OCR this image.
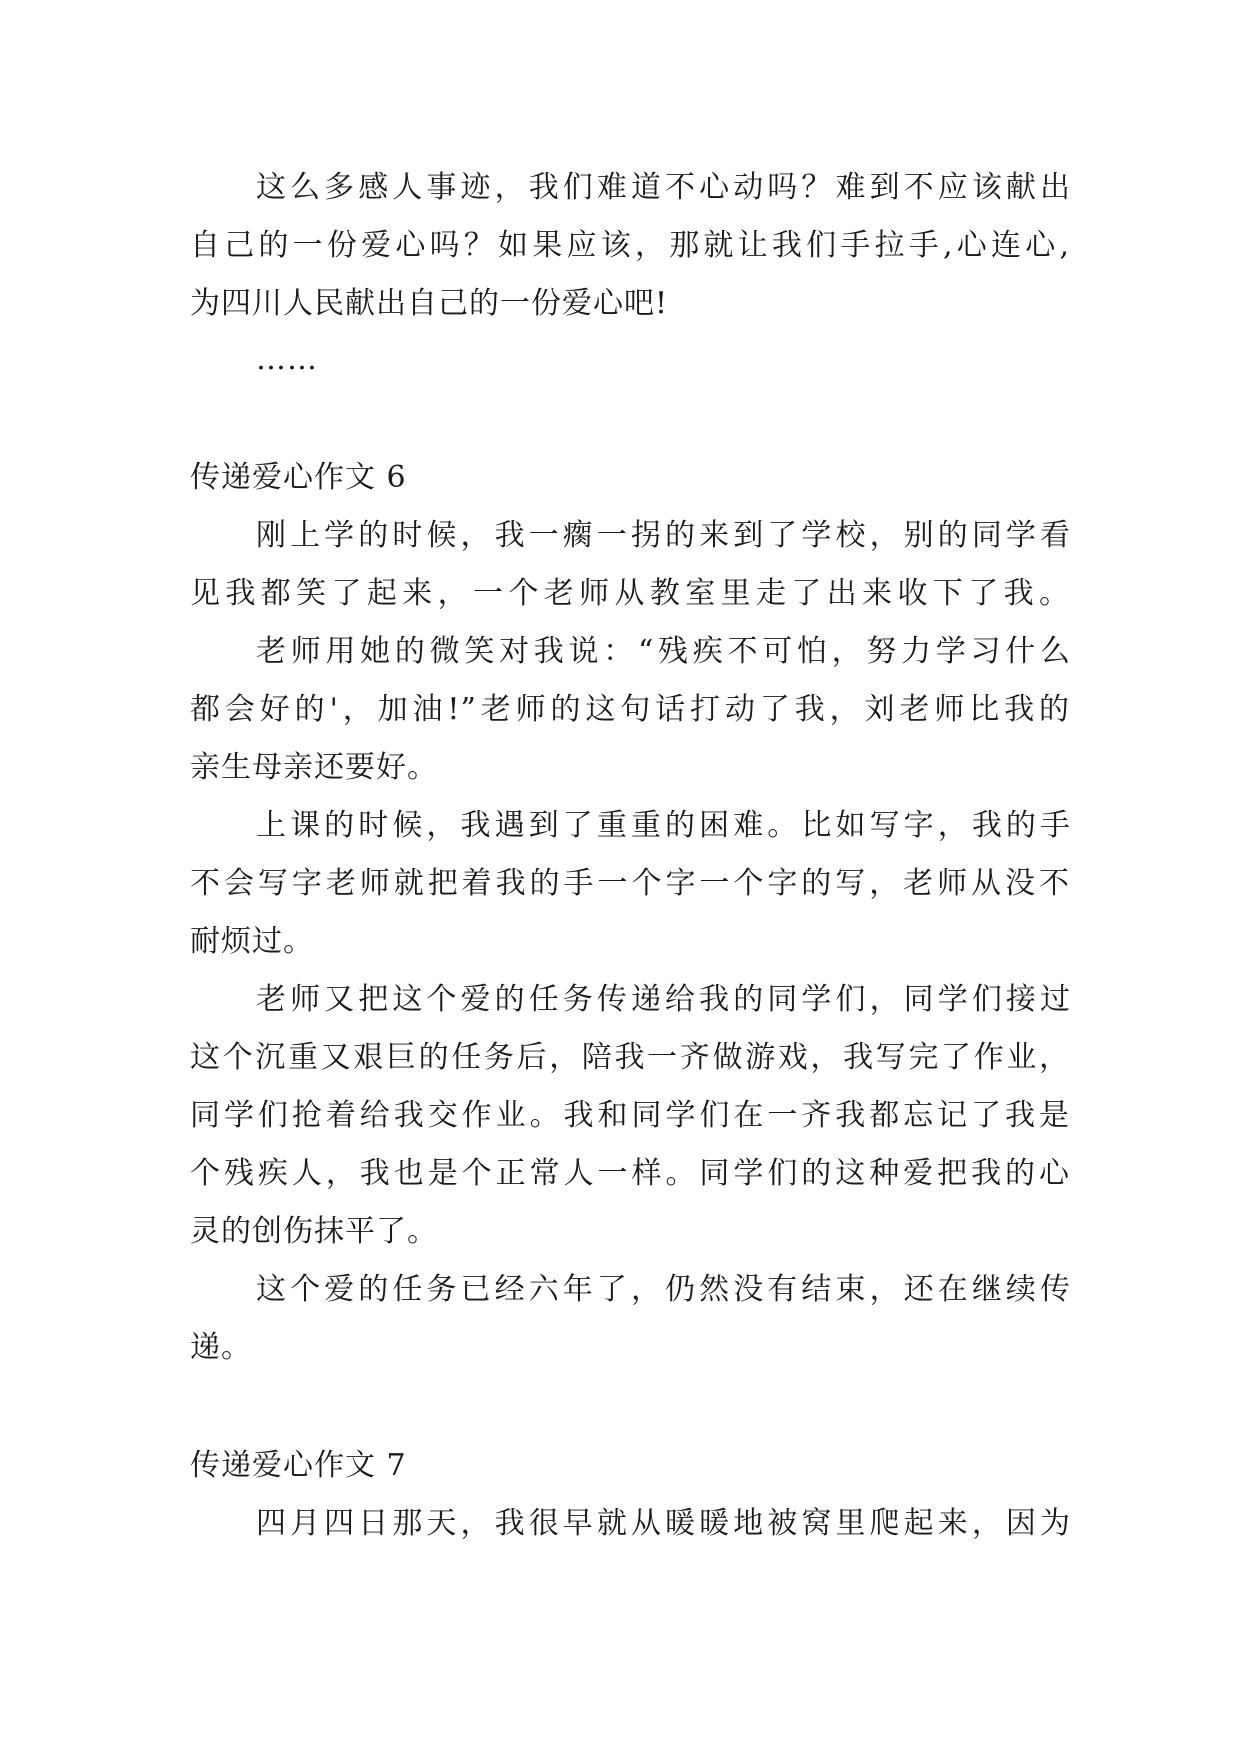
这么多感人事迹，我们难道不心动吗？难到不应该献出
自己的一份爱心吗？如果应该，那就让我们手拉手,心连心,
为四川人民献出自己的一份爱心吧!
……
传递爱心作文 6
刚上学的时候，我一瘸一拐的来到了学校，别的同学看
见我都笑了起来，一个老师从教室里走了出来收下了我。
老师用她的微笑对我说：“残疾不可怕，努力学习什么
都会好的'，加油!”老师的这句话打动了我，刘老师比我的
亲生母亲还要好。
上课的时候，我遇到了重重的困难。比如写字，我的手
不会写字老师就把着我的手一个字一个字的写，老师从没不
耐烦过。
老师又把这个爱的任务传递给我的同学们，同学们接过
这个沉重又艰巨的任务后，陪我一齐做游戏，我写完了作业，
同学们抢着给我交作业。我和同学们在一齐我都忘记了我是
个残疾人，我也是个正常人一样。同学们的这种爱把我的心
灵的创伤抹平了。
这个爱的任务已经六年了，仍然没有结束，还在继续传
递。
传递爱心作文 7
四月四日那天，我很早就从暖暖地被窝里爬起来，因为
